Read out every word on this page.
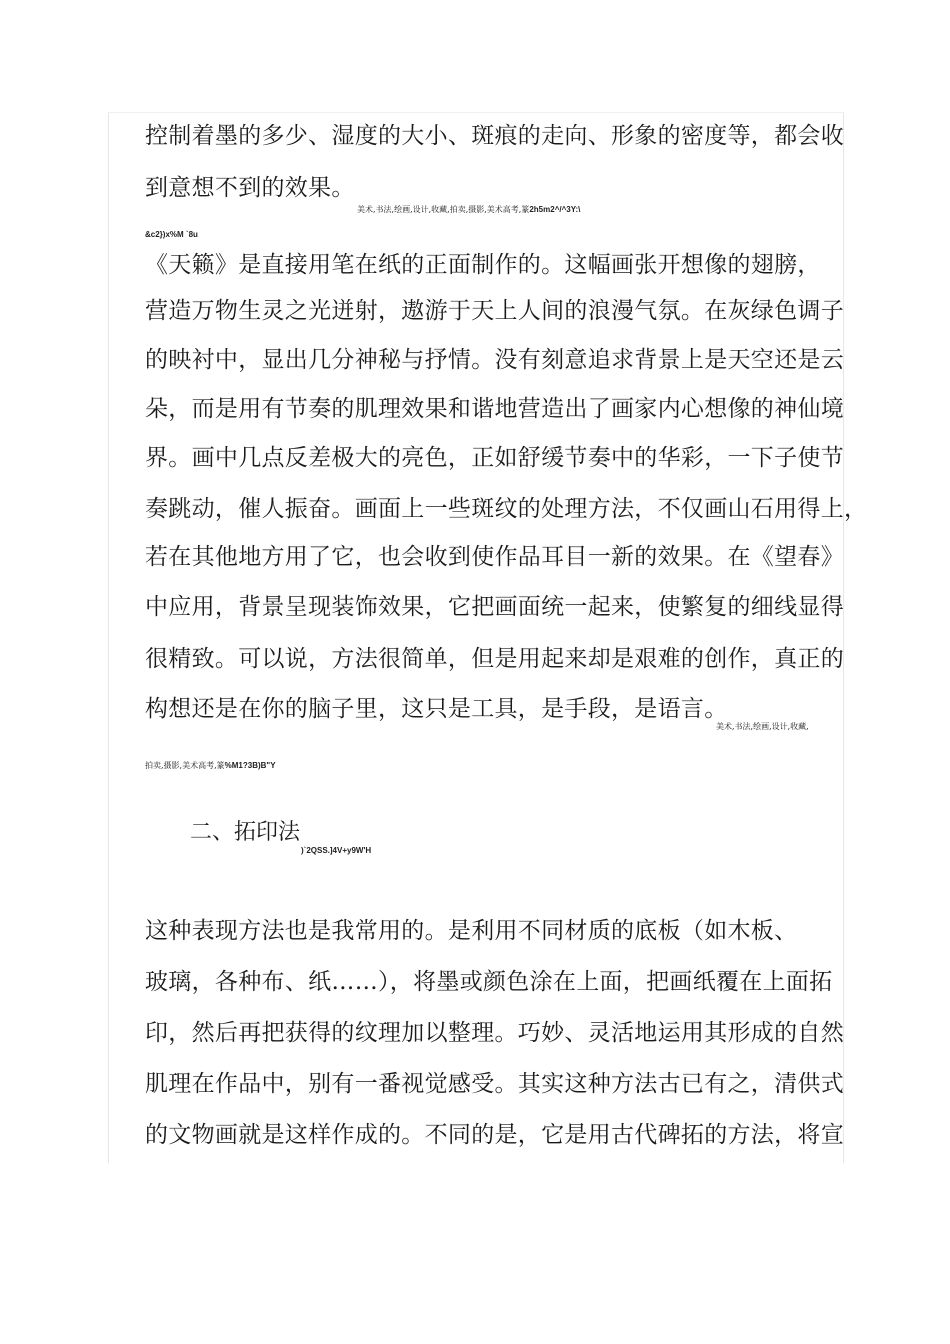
控制着墨的多少、湿度的大小、斑痕的走向、形象的密度等，都会收
到意想不到的效果。
美术,书法,绘画,设计,收藏,拍卖,摄影,美术高考,篆2h5m2^/^3Y:\
&c2})x%M `8u
《天籁》是直接用笔在纸的正面制作的。这幅画张开想像的翅膀，
营造万物生灵之光迸射，遨游于天上人间的浪漫气氛。在灰绿色调子
的映衬中，显出几分神秘与抒情。没有刻意追求背景上是天空还是云
朵，而是用有节奏的肌理效果和谐地营造出了画家内心想像的神仙境
界。画中几点反差极大的亮色，正如舒缓节奏中的华彩，一下子使节
奏跳动，催人振奋。画面上一些斑纹的处理方法，不仅画山石用得上，
若在其他地方用了它，也会收到使作品耳目一新的效果。在《望春》
中应用，背景呈现装饰效果，它把画面统一起来，使繁复的细线显得
很精致。可以说，方法很简单，但是用起来却是艰难的创作，真正的
构想还是在你的脑子里，这只是工具，是手段，是语言。
美术,书法,绘画,设计,收藏,
拍卖,摄影,美术高考,篆%M1?3B)B"Y
二、拓印法
)`2QSS.]4V+y9W'H
这种表现方法也是我常用的。是利用不同材质的底板（如木板、
玻璃，各种布、纸……），将墨或颜色涂在上面，把画纸覆在上面拓
印，然后再把获得的纹理加以整理。巧妙、灵活地运用其形成的自然
肌理在作品中，别有一番视觉感受。其实这种方法古已有之，清供式
的文物画就是这样作成的。不同的是，它是用古代碑拓的方法，将宣
